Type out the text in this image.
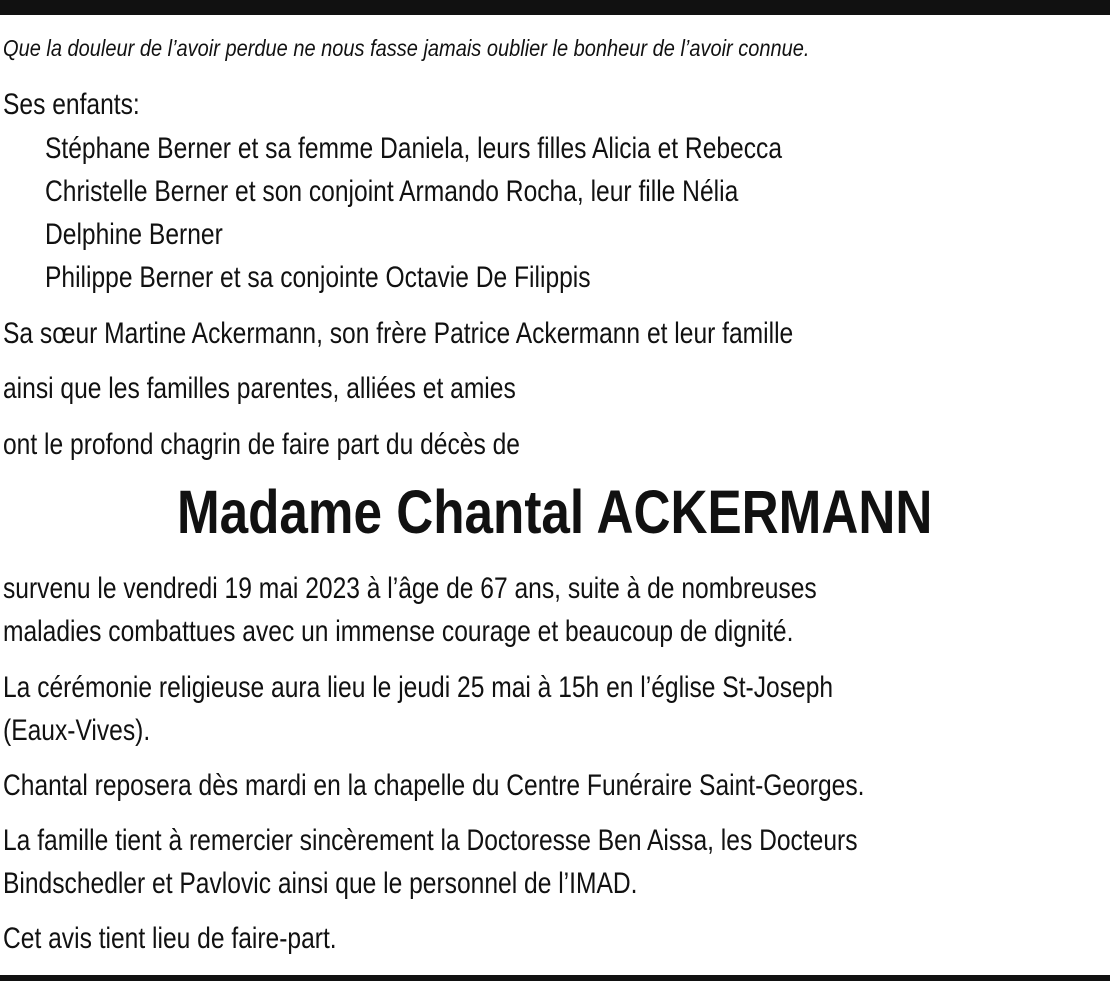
Que la douleur de l’avoir perdue ne nous fasse jamais oublier le bonheur de l’avoir connue.
Ses enfants:
Stéphane Berner et sa femme Daniela, leurs filles Alicia et Rebecca
Christelle Berner et son conjoint Armando Rocha, leur fille Nélia
Delphine Berner
Philippe Berner et sa conjointe Octavie De Filippis
Sa sœur Martine Ackermann, son frère Patrice Ackermann et leur famille
ainsi que les familles parentes, alliées et amies
ont le profond chagrin de faire part du décès de
Madame Chantal ACKERMANN
survenu le vendredi 19 mai 2023 à l’âge de 67 ans, suite à de nombreuses
maladies combattues avec un immense courage et beaucoup de dignité.
La cérémonie religieuse aura lieu le jeudi 25 mai à 15h en l’église St-Joseph
(Eaux-Vives).
Chantal reposera dès mardi en la chapelle du Centre Funéraire Saint-Georges.
La famille tient à remercier sincèrement la Doctoresse Ben Aissa, les Docteurs
Bindschedler et Pavlovic ainsi que le personnel de l’IMAD.
Cet avis tient lieu de faire-part.
